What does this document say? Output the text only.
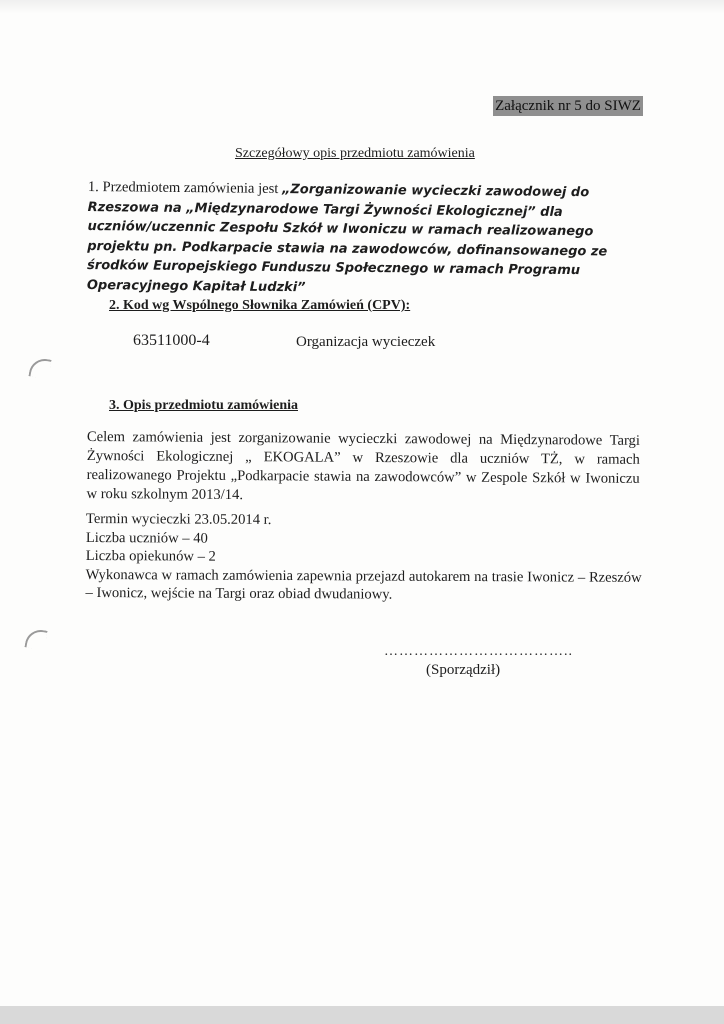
Załącznik nr 5 do SIWZ
Szczegółowy opis przedmiotu zamówienia
1. Przedmiotem zamówienia jest „Zorganizowanie wycieczki zawodowej do Rzeszowa na „Międzynarodowe Targi Żywności Ekologicznej” dla uczniów/uczennic Zespołu Szkół w Iwoniczu w ramach realizowanego projektu pn. Podkarpacie stawia na zawodowców, dofinansowanego ze środków Europejskiego Funduszu Społecznego w ramach Programu Operacyjnego Kapitał Ludzki”
2. Kod wg Wspólnego Słownika Zamówień (CPV):
63511000-4	Organizacja wycieczek
3. Opis przedmiotu zamówienia
Celem zamówienia jest zorganizowanie wycieczki zawodowej na Międzynarodowe Targi Żywności Ekologicznej „ EKOGALA” w Rzeszowie dla uczniów TŻ, w ramach realizowanego Projektu „Podkarpacie stawia na zawodowców” w Zespole Szkół w Iwoniczu w roku szkolnym 2013/14.
Termin wycieczki 23.05.2014 r.
Liczba uczniów – 40
Liczba opiekunów – 2
Wykonawca w ramach zamówienia zapewnia przejazd autokarem na trasie Iwonicz – Rzeszów – Iwonicz, wejście na Targi oraz obiad dwudaniowy.
………………………………..
(Sporządził)
